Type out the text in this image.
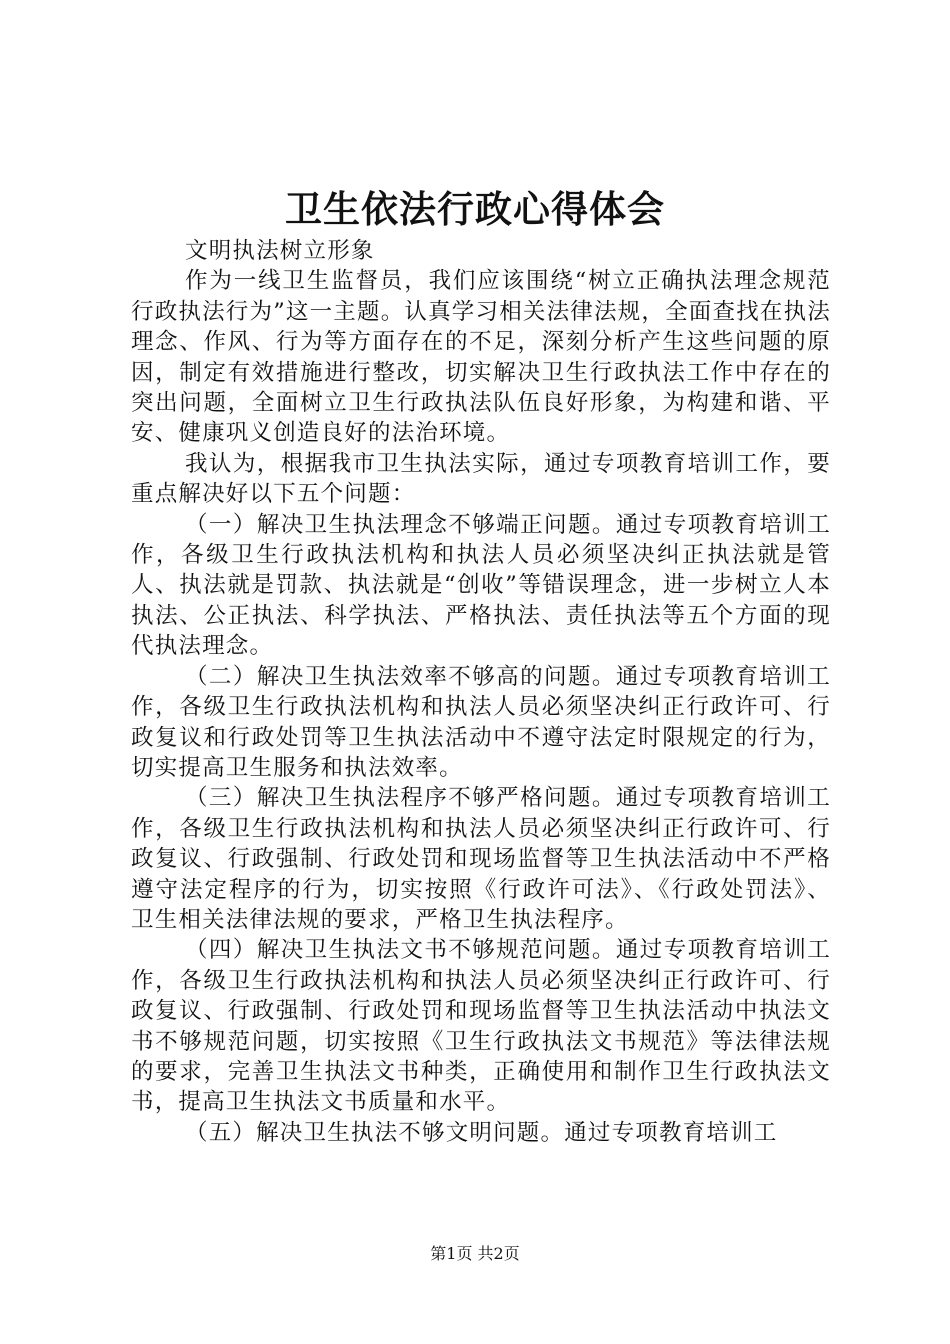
卫生依法行政心得体会

文明执法树立形象

作为一线卫生监督员，我们应该围绕“树立正确执法理念规范行政执法行为”这一主题。认真学习相关法律法规，全面查找在执法理念、作风、行为等方面存在的不足，深刻分析产生这些问题的原因，制定有效措施进行整改，切实解决卫生行政执法工作中存在的突出问题，全面树立卫生行政执法队伍良好形象，为构建和谐、平安、健康巩义创造良好的法治环境。

我认为，根据我市卫生执法实际，通过专项教育培训工作，要重点解决好以下五个问题：

（一）解决卫生执法理念不够端正问题。通过专项教育培训工作，各级卫生行政执法机构和执法人员必须坚决纠正执法就是管人、执法就是罚款、执法就是“创收”等错误理念，进一步树立人本执法、公正执法、科学执法、严格执法、责任执法等五个方面的现代执法理念。

（二）解决卫生执法效率不够高的问题。通过专项教育培训工作，各级卫生行政执法机构和执法人员必须坚决纠正行政许可、行政复议和行政处罚等卫生执法活动中不遵守法定时限规定的行为，切实提高卫生服务和执法效率。

（三）解决卫生执法程序不够严格问题。通过专项教育培训工作，各级卫生行政执法机构和执法人员必须坚决纠正行政许可、行政复议、行政强制、行政处罚和现场监督等卫生执法活动中不严格遵守法定程序的行为，切实按照《行政许可法》、《行政处罚法》、卫生相关法律法规的要求，严格卫生执法程序。

（四）解决卫生执法文书不够规范问题。通过专项教育培训工作，各级卫生行政执法机构和执法人员必须坚决纠正行政许可、行政复议、行政强制、行政处罚和现场监督等卫生执法活动中执法文书不够规范问题，切实按照《卫生行政执法文书规范》等法律法规的要求，完善卫生执法文书种类，正确使用和制作卫生行政执法文书，提高卫生执法文书质量和水平。

（五）解决卫生执法不够文明问题。通过专项教育培训工

第1页 共2页
